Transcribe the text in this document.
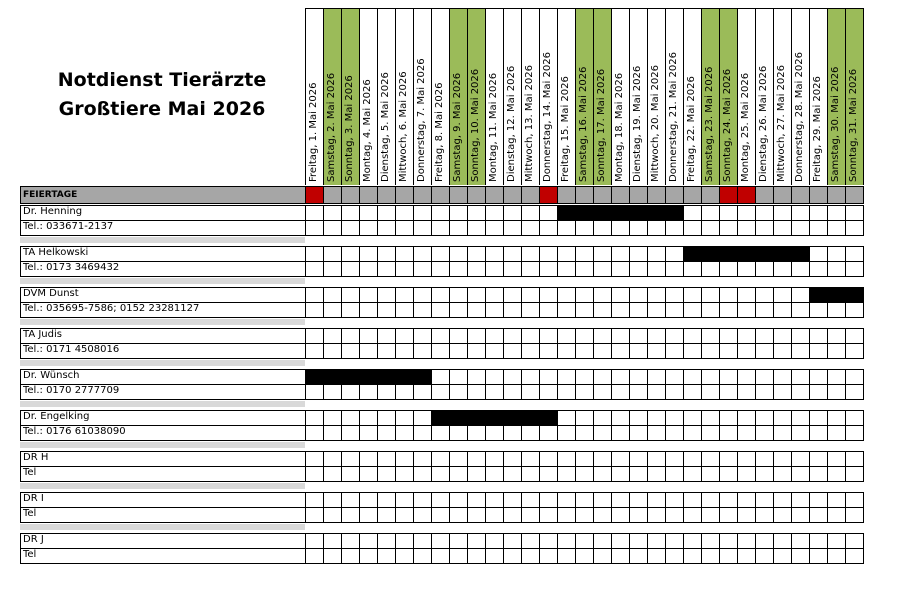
Notdienst Tierärzte
Großtiere Mai 2026	Freitag, 1. Mai 2026 Samstag, 2. Mai 2026 Sonntag, 3. Mai 2026 Montag, 4. Mai 2026 Dienstag, 5. Mai 2026 Mittwoch, 6. Mai 2026 Donnerstag, 7. Mai 2026 Freitag, 8. Mai 2026 Samstag, 9. Mai 2026 Sonntag, 10. Mai 2026 Montag, 11. Mai 2026 Dienstag, 12. Mai 2026 Mittwoch, 13. Mai 2026 Donnerstag, 14. Mai 2026 Freitag, 15. Mai 2026 Samstag, 16. Mai 2026 Sonntag, 17. Mai 2026 Montag, 18. Mai 2026 Dienstag, 19. Mai 2026 Mittwoch, 20. Mai 2026 Donnerstag, 21. Mai 2026 Freitag, 22. Mai 2026 Samstag, 23. Mai 2026 Sonntag, 24. Mai 2026 Montag, 25. Mai 2026 Dienstag, 26. Mai 2026 Mittwoch, 27. Mai 2026 Donnerstag, 28. Mai 2026 Freitag, 29. Mai 2026 Samstag, 30. Mai 2026 Sonntag, 31. Mai 2026
FEIERTAGE
Dr. Henning
Tel.: 033671-2137
TÄ Helkowski
Tel.: 0173 3469432
DVM Dunst
Tel.: 035695-7586; 0152 23281127
TÄ Judis
Tel.: 0171 4508016
Dr. Wünsch
Tel.: 0170 2777709
Dr. Engelking
Tel.: 0176 61038090
DR H
Tel
DR I
Tel
DR J
Tel
